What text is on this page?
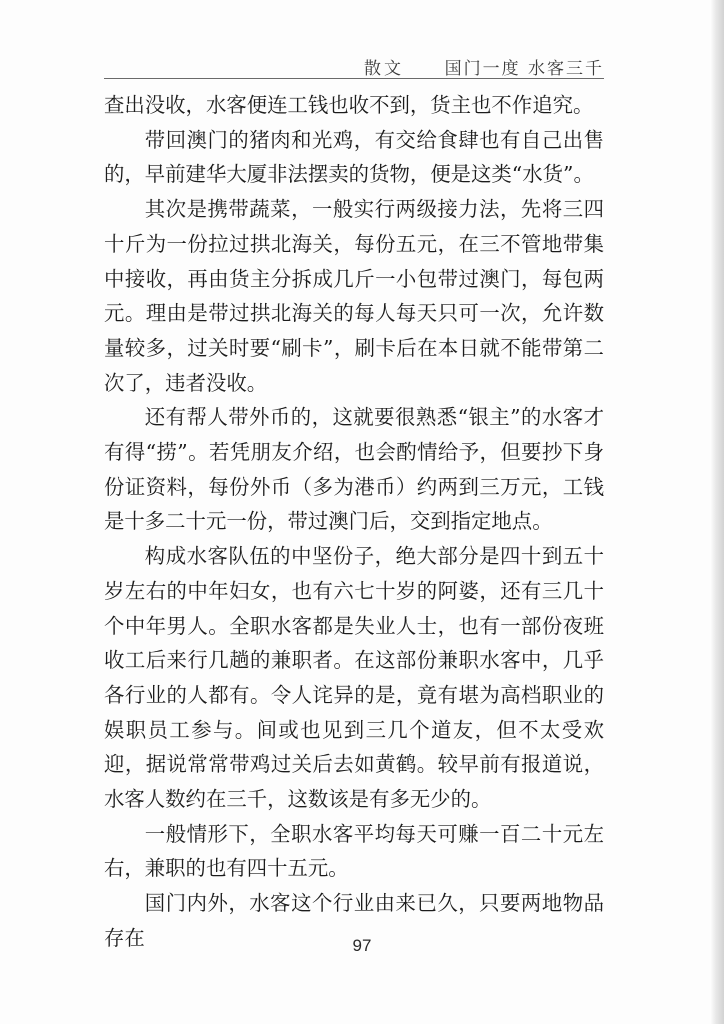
散文 国门一度 水客三千

查出没收，水客便连工钱也收不到，货主也不作追究。

带回澳门的猪肉和光鸡，有交给食肆也有自己出售的，早前建华大厦非法摆卖的货物，便是这类“水货”。

其次是携带蔬菜，一般实行两级接力法，先将三四十斤为一份拉过拱北海关，每份五元，在三不管地带集中接收，再由货主分拆成几斤一小包带过澳门，每包两元。理由是带过拱北海关的每人每天只可一次，允许数量较多，过关时要“刷卡”，刷卡后在本日就不能带第二次了，违者没收。

还有帮人带外币的，这就要很熟悉“银主”的水客才有得“捞”。若凭朋友介绍，也会酌情给予，但要抄下身份证资料，每份外币（多为港币）约两到三万元，工钱是十多二十元一份，带过澳门后，交到指定地点。

构成水客队伍的中坚份子，绝大部分是四十到五十岁左右的中年妇女，也有六七十岁的阿婆，还有三几十个中年男人。全职水客都是失业人士，也有一部份夜班收工后来行几趟的兼职者。在这部份兼职水客中，几乎各行业的人都有。令人诧异的是，竟有堪为高档职业的娱职员工参与。间或也见到三几个道友，但不太受欢迎，据说常常带鸡过关后去如黄鹤。较早前有报道说，水客人数约在三千，这数该是有多无少的。

一般情形下，全职水客平均每天可赚一百二十元左右，兼职的也有四十五元。

国门内外，水客这个行业由来已久，只要两地物品存在	97
